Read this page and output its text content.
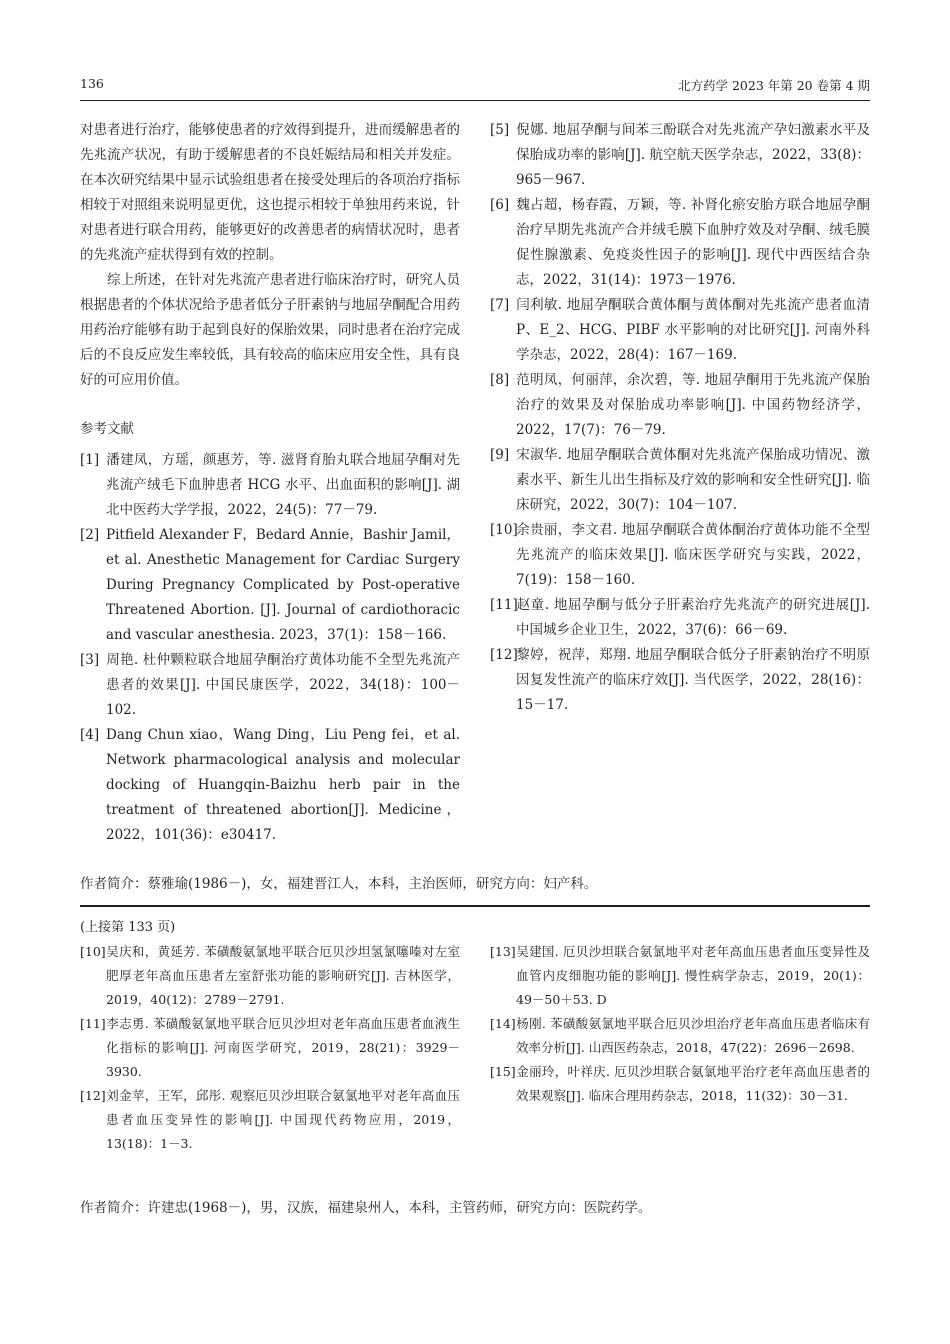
136	北方药学 2023 年第 20 卷第 4 期

对患者进行治疗，能够使患者的疗效得到提升，进而缓解患者的先兆流产状况，有助于缓解患者的不良妊娠结局和相关并发症。在本次研究结果中显示试验组患者在接受处理后的各项治疗指标相较于对照组来说明显更优，这也提示相较于单独用药来说，针对患者进行联合用药，能够更好的改善患者的病情状况时，患者的先兆流产症状得到有效的控制。

综上所述，在针对先兆流产患者进行临床治疗时，研究人员根据患者的个体状况给予患者低分子肝素钠与地屈孕酮配合用药用药治疗能够有助于起到良好的保胎效果，同时患者在治疗完成后的不良反应发生率较低，具有较高的临床应用安全性，具有良好的可应用价值。

参考文献

[1] 潘建凤，方瑶，颜惠芳，等. 滋肾育胎丸联合地屈孕酮对先兆流产绒毛下血肿患者 HCG 水平、出血面积的影响[J]. 湖北中医药大学学报，2022，24(5)：77－79.

[2] Pitfield Alexander F，Bedard Annie，Bashir Jamil，et al. Anesthetic Management for Cardiac Surgery During Pregnancy Complicated by Post-operative Threatened Abortion. [J]. Journal of cardiothoracic and vascular anesthesia. 2023，37(1)：158－166.

[3] 周艳. 杜仲颗粒联合地屈孕酮治疗黄体功能不全型先兆流产患者的效果[J]. 中国民康医学，2022，34(18)：100－102.

[4] Dang Chun xiao，Wang Ding，Liu Peng fei，et al. Network pharmacological analysis and molecular docking of Huangqin-Baizhu herb pair in the treatment of threatened abortion[J]. Medicine，2022，101(36)：e30417.

[5] 倪娜. 地屈孕酮与间苯三酚联合对先兆流产孕妇激素水平及保胎成功率的影响[J]. 航空航天医学杂志，2022，33(8)：965－967.

[6] 魏占超，杨春霞，万颖，等. 补肾化瘀安胎方联合地屈孕酮治疗早期先兆流产合并绒毛膜下血肿疗效及对孕酮、绒毛膜促性腺激素、免疫炎性因子的影响[J]. 现代中西医结合杂志，2022，31(14)：1973－1976.

[7] 闫利敏. 地屈孕酮联合黄体酮与黄体酮对先兆流产患者血清 P、E_2、HCG、PIBF 水平影响的对比研究[J]. 河南外科学杂志，2022，28(4)：167－169.

[8] 范明凤，何丽萍，余次碧，等. 地屈孕酮用于先兆流产保胎治疗的效果及对保胎成功率影响[J]. 中国药物经济学，2022，17(7)：76－79.

[9] 宋淑华. 地屈孕酮联合黄体酮对先兆流产保胎成功情况、激素水平、新生儿出生指标及疗效的影响和安全性研究[J]. 临床研究，2022，30(7)：104－107.

[10]余贵丽，李文君. 地屈孕酮联合黄体酮治疗黄体功能不全型先兆流产的临床效果[J]. 临床医学研究与实践，2022，7(19)：158－160.

[11]赵童. 地屈孕酮与低分子肝素治疗先兆流产的研究进展[J]. 中国城乡企业卫生，2022，37(6)：66－69.

[12]黎婷，祝萍，郑翔. 地屈孕酮联合低分子肝素钠治疗不明原因复发性流产的临床疗效[J]. 当代医学，2022，28(16)：15－17.

作者简介：蔡雅瑜(1986－)，女，福建晋江人，本科，主治医师，研究方向：妇产科。
(上接第 133 页)

[10]吴庆和，黄延芳. 苯磺酸氨氯地平联合厄贝沙坦氢氯噻嗪对左室肥厚老年高血压患者左室舒张功能的影响研究[J]. 吉林医学，2019，40(12)：2789－2791.

[11]李志勇. 苯磺酸氨氯地平联合厄贝沙坦对老年高血压患者血液生化指标的影响[J]. 河南医学研究，2019，28(21)：3929－3930.

[12]刘金苹，王军，邱彤. 观察厄贝沙坦联合氨氯地平对老年高血压患者血压变异性的影响[J]. 中国现代药物应用，2019，13(18)：1－3.

[13]吴建国. 厄贝沙坦联合氨氯地平对老年高血压患者血压变异性及血管内皮细胞功能的影响[J]. 慢性病学杂志，2019，20(1)：49－50＋53. D

[14]杨刚. 苯磺酸氨氯地平联合厄贝沙坦治疗老年高血压患者临床有效率分析[J]. 山西医药杂志，2018，47(22)：2696－2698.

[15]金丽玲，叶祥庆. 厄贝沙坦联合氨氯地平治疗老年高血压患者的效果观察[J]. 临床合理用药杂志，2018，11(32)：30－31.

作者简介：许建忠(1968－)，男，汉族，福建泉州人，本科，主管药师，研究方向：医院药学。
